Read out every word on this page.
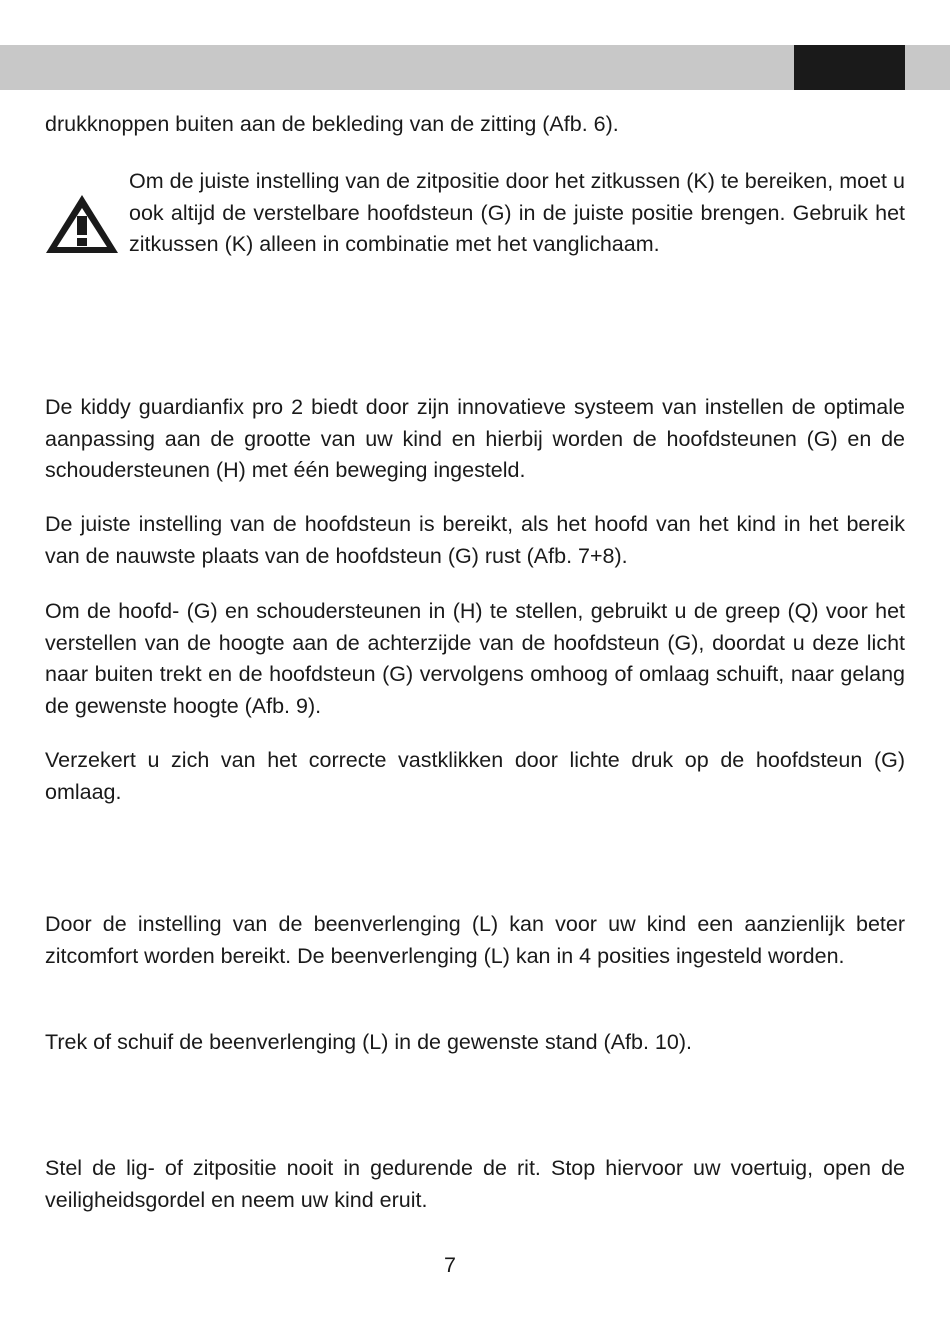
drukknoppen buiten aan de bekleding van de zitting (Afb. 6).

Om de juiste instelling van de zitpositie door het zitkussen (K) te bereiken, moet u ook altijd de verstelbare hoofdsteun (G) in de juiste positie brengen. Gebruik het zitkussen (K) alleen in combinatie met het vanglichaam.

De kiddy guardianfix pro 2 biedt door zijn innovatieve systeem van instellen de optimale aanpassing aan de grootte van uw kind en hierbij worden de hoofdsteunen (G) en de schoudersteunen (H) met één beweging ingesteld.

De juiste instelling van de hoofdsteun is bereikt, als het hoofd van het kind in het bereik van de nauwste plaats van de hoofdsteun (G) rust (Afb. 7+8).

Om de hoofd- (G) en schoudersteunen in (H) te stellen, gebruikt u de greep (Q) voor het verstellen van de hoogte aan de achterzijde van de hoofdsteun (G), doordat u deze licht naar buiten trekt en de hoofdsteun (G) vervolgens omhoog of omlaag schuift, naar gelang de gewenste hoogte (Afb. 9).

Verzekert u zich van het correcte vastklikken door lichte druk op de hoofdsteun (G) omlaag.

Door de instelling van de beenverlenging (L) kan voor uw kind een aanzienlijk beter zitcomfort worden bereikt. De beenverlenging (L) kan in 4 posities ingesteld worden.

Trek of schuif de beenverlenging (L) in de gewenste stand (Afb. 10).

Stel de lig- of zitpositie nooit in gedurende de rit. Stop hiervoor uw voertuig, open de veiligheidsgordel en neem uw kind eruit.

7
